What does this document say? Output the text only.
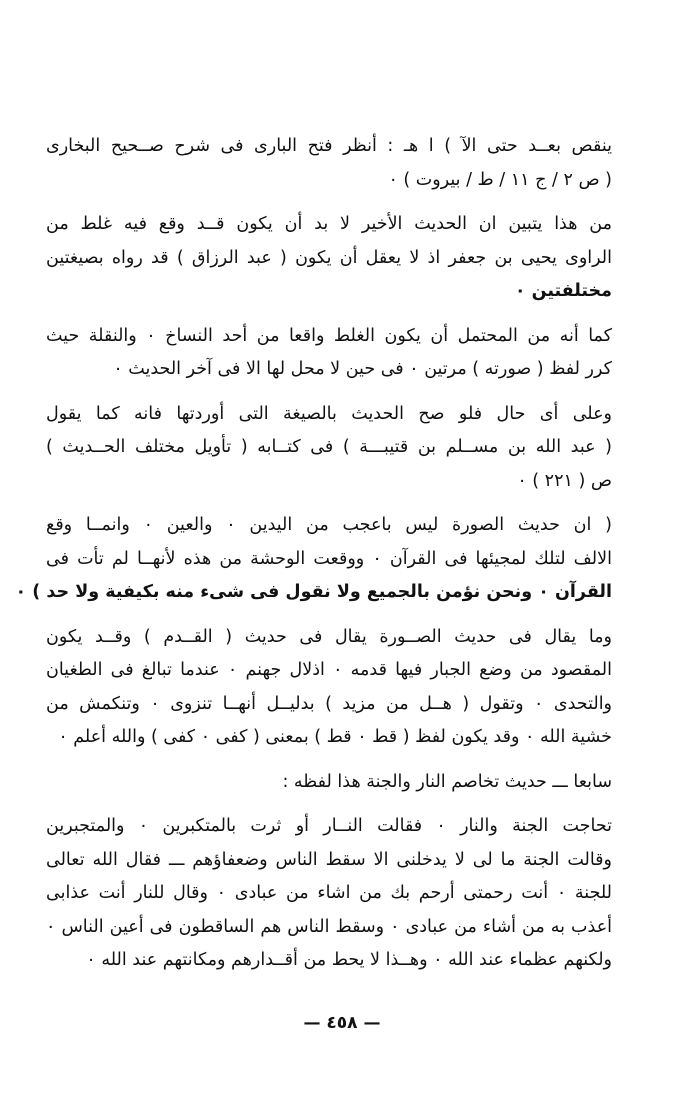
ينقص بعــد حتى الآ ) ا هـ : أنظر فتح البارى فى شرح صــحيح البخارى
( ص ٢ / ج ١١ / ط / بيروت ) ٠
من هذا يتبين ان الحديث الأخير لا بد أن يكون قــد وقع فيه غلط من
الراوى يحيى بن جعفر اذ لا يعقل أن يكون ( عبد الرزاق ) قد رواه بصيغتين
مختلفتين ٠
كما أنه من المحتمل أن يكون الغلط واقعا من أحد النساخ ٠ والنقلة حيث
كرر لفظ ( صورته ) مرتين ٠ فى حين لا محل لها الا فى آخر الحديث ٠
وعلى أى حال فلو صح الحديث بالصيغة التى أوردتها فانه كما يقول
( عبد الله بن مســلم بن قتيبـــة ) فى كتــابه ( تأويل مختلف الحــديث )
ص ( ٢٢١ ) ٠
( ان حديث الصورة ليس باعجب من اليدين ٠ والعين ٠ وانمــا وقع
الالف لتلك لمجيئها فى القرآن ٠ ووقعت الوحشة من هذه لأنهــا لم تأت فى
القرآن ٠ ونحن نؤمن بالجميع ولا نقول فى شىء منه بكيفية ولا حد ) ٠
وما يقال فى حديث الصــورة يقال فى حديث ( القــدم ) وقــد يكون
المقصود من وضع الجبار فيها قدمه ٠ اذلال جهنم ٠ عندما تبالغ فى الطغيان
والتحدى ٠ وتقول ( هــل من مزيد ) بدليــل أنهــا تنزوى ٠ وتنكمش من
خشية الله ٠ وقد يكون لفظ ( قط ٠ قط ) بمعنى ( كفى ٠ كفى ) والله أعلم ٠
سابعا ـــ حديث تخاصم النار والجنة هذا لفظه :
تحاجت الجنة والنار ٠ فقالت النــار أو ثرت بالمتكبرين ٠ والمتجبرين
وقالت الجنة ما لى لا يدخلنى الا سقط الناس وضعفاؤهم ـــ فقال الله تعالى
للجنة ٠ أنت رحمتى أرحم بك من اشاء من عبادى ٠ وقال للنار أنت عذابى
أعذب به من أشاء من عبادى ٠ وسقط الناس هم الساقطون فى أعين الناس ٠
ولكنهم عظماء عند الله ٠ وهــذا لا يحط من أقــدارهم ومكانتهم عند الله ٠
— ٤٥٨ —
